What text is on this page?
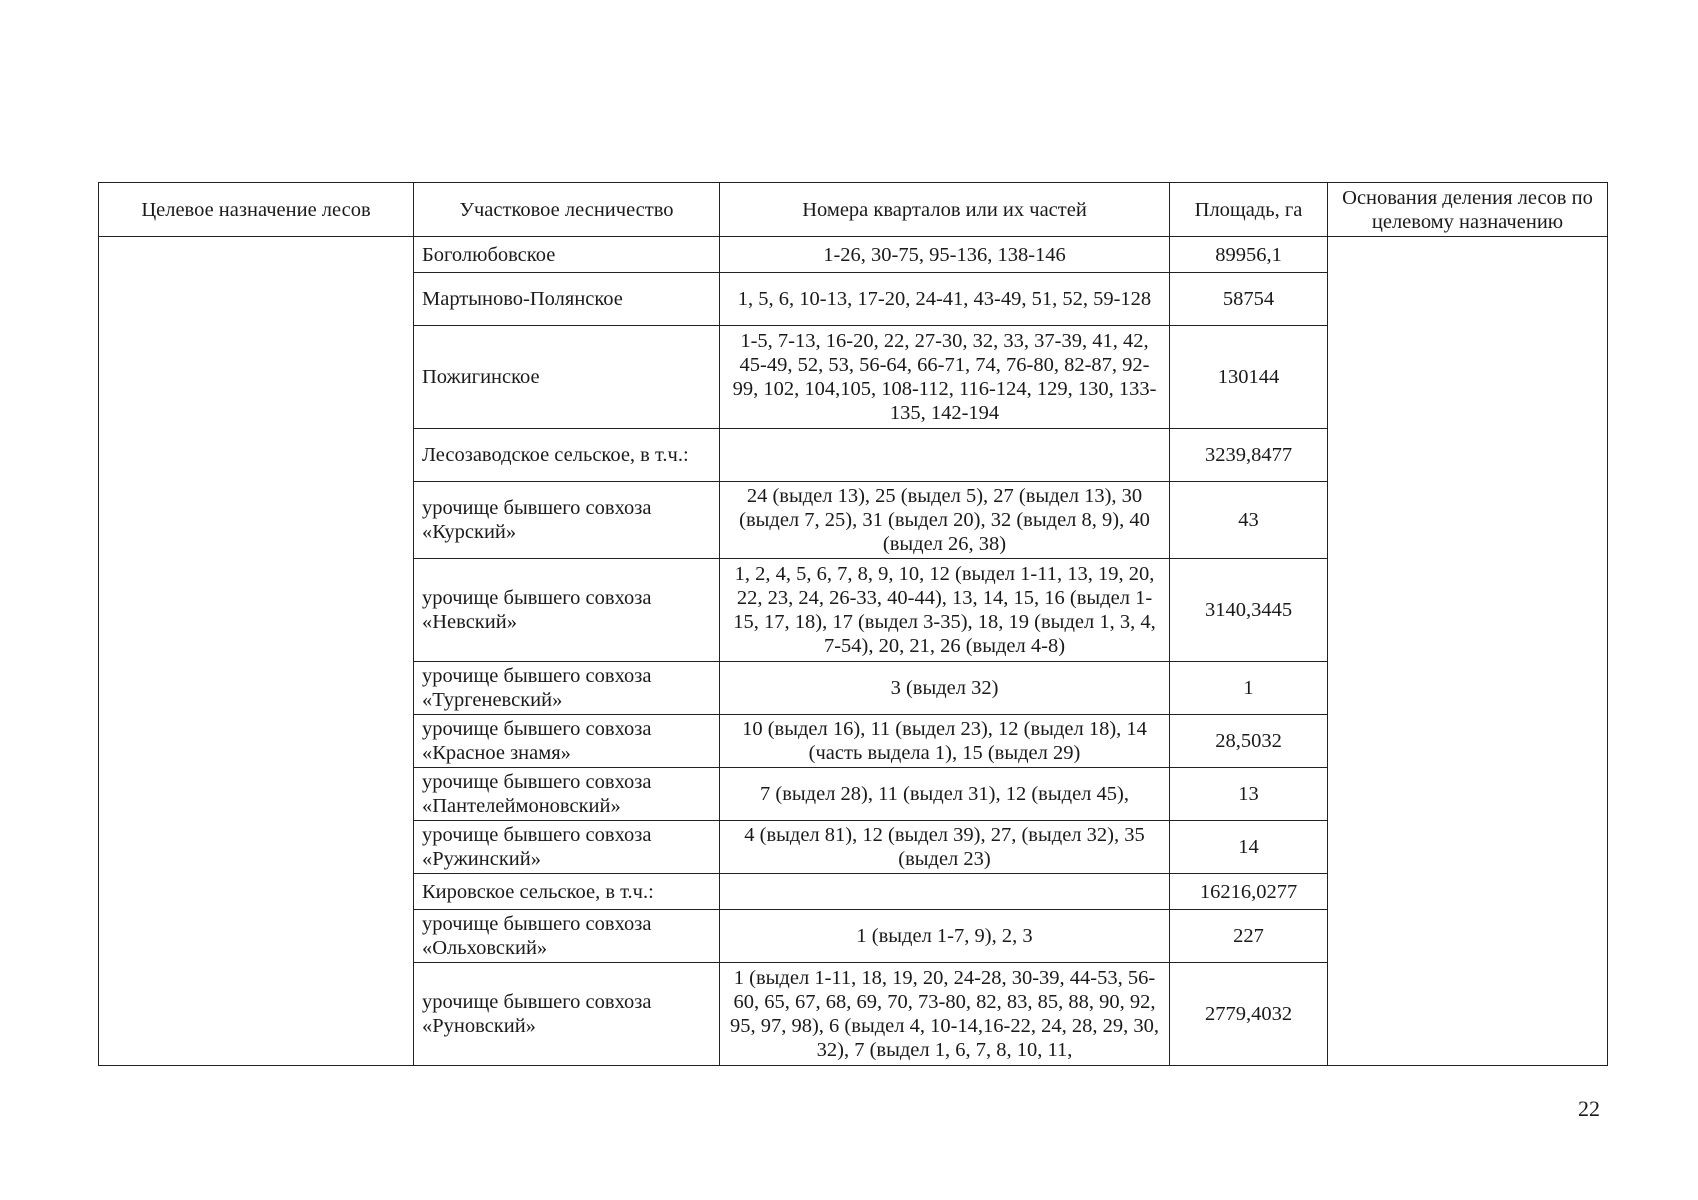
Целевое назначение лесов	Участковое лесничество	Номера кварталов или их частей	Площадь, га	Основания деления лесов по целевому назначению
	Боголюбовское	1-26, 30-75, 95-136, 138-146	89956,1	
	Мартыново-Полянское	1, 5, 6, 10-13, 17-20, 24-41, 43-49, 51, 52, 59-128	58754	
	Пожигинское	1-5, 7-13, 16-20, 22, 27-30, 32, 33, 37-39, 41, 42, 45-49, 52, 53, 56-64, 66-71, 74, 76-80, 82-87, 92-99, 102, 104,105, 108-112, 116-124, 129, 130, 133-135, 142-194	130144	
	Лесозаводское сельское, в т.ч.:		3239,8477	
	урочище бывшего совхоза «Курский»	24 (выдел 13), 25 (выдел 5), 27 (выдел 13), 30 (выдел 7, 25), 31 (выдел 20), 32 (выдел 8, 9), 40 (выдел 26, 38)	43	
	урочище бывшего совхоза «Невский»	1, 2, 4, 5, 6, 7, 8, 9, 10, 12 (выдел 1-11, 13, 19, 20, 22, 23, 24, 26-33, 40-44), 13, 14, 15, 16 (выдел 1-15, 17, 18), 17 (выдел 3-35), 18, 19 (выдел 1, 3, 4, 7-54), 20, 21, 26 (выдел 4-8)	3140,3445	
	урочище бывшего совхоза «Тургеневский»	3 (выдел 32)	1	
	урочище бывшего совхоза «Красное знамя»	10 (выдел 16), 11 (выдел 23), 12 (выдел 18), 14 (часть выдела 1), 15 (выдел 29)	28,5032	
	урочище бывшего совхоза «Пантелеймоновский»	7 (выдел 28), 11 (выдел 31), 12 (выдел 45),	13	
	урочище бывшего совхоза «Ружинский»	4 (выдел 81), 12 (выдел 39), 27, (выдел 32), 35 (выдел 23)	14	
	Кировское сельское, в т.ч.:		16216,0277	
	урочище бывшего совхоза «Ольховский»	1 (выдел 1-7, 9), 2, 3	227	
	урочище бывшего совхоза «Руновский»	1 (выдел 1-11, 18, 19, 20, 24-28, 30-39, 44-53, 56-60, 65, 67, 68, 69, 70, 73-80, 82, 83, 85, 88, 90, 92, 95, 97, 98), 6 (выдел 4, 10-14,16-22, 24, 28, 29, 30, 32), 7 (выдел 1, 6, 7, 8, 10, 11,	2779,4032	
22
